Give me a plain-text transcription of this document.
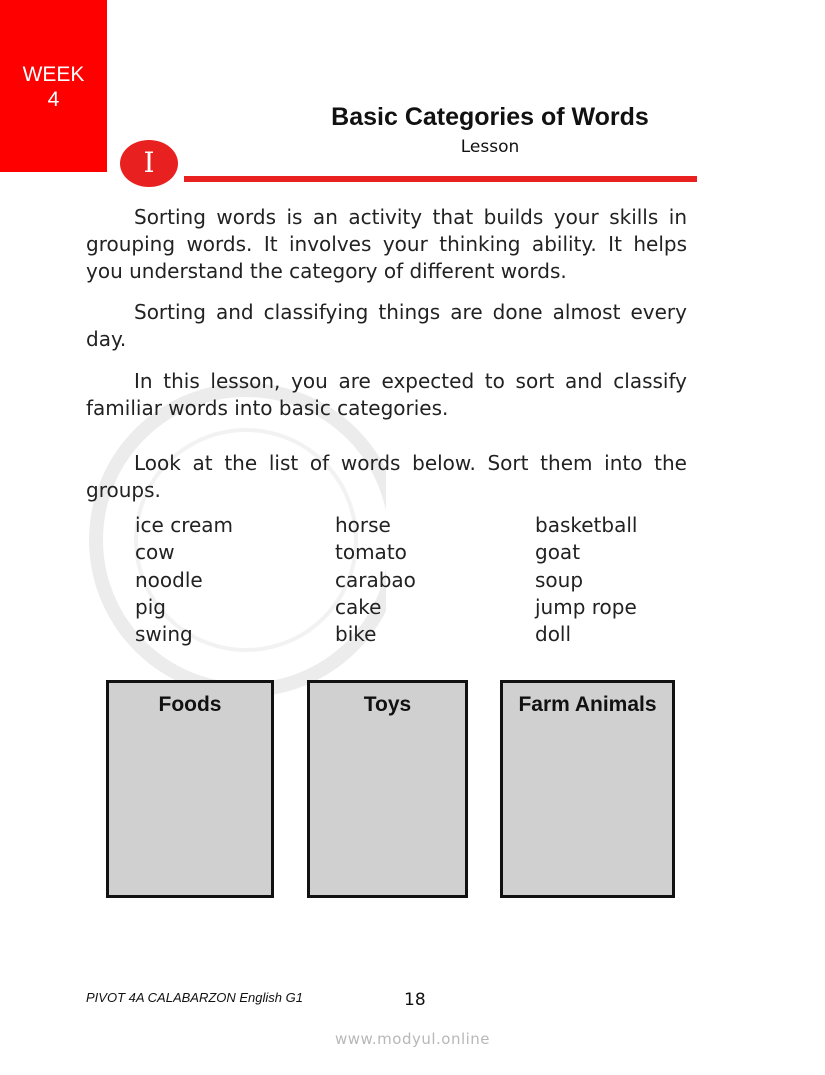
WEEK
4
Basic Categories of Words
Lesson
I

Sorting words is an activity that builds your skills in grouping words. It involves your thinking ability. It helps you understand the category of different words.

Sorting and classifying things are done almost every day.

In this lesson, you are expected to sort and classify familiar words into basic categories.

Look at the list of words below. Sort them into the groups.

ice cream	horse	basketball
cow	tomato	goat
noodle	carabao	soup
pig	cake	jump rope
swing	bike	doll
Foods	Toys	Farm Animals
PIVOT 4A CALABARZON English G1	18
www.modyul.online
